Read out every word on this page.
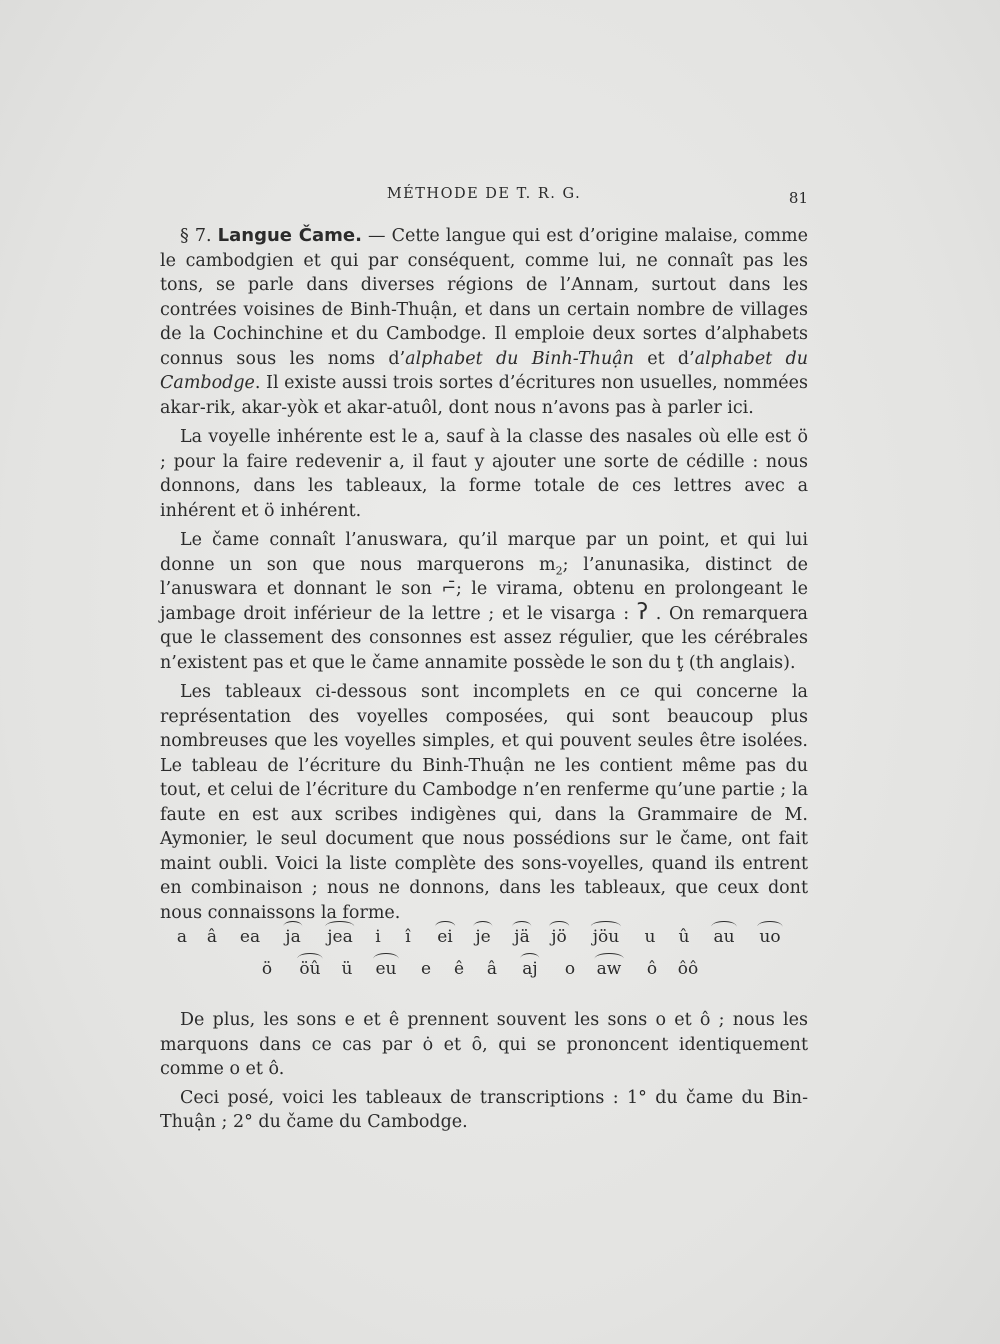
MÉTHODE DE T. R. G.	81

§ 7. Langue Čame. — Cette langue qui est d’origine malaise, comme le cambodgien et qui par conséquent, comme lui, ne connaît pas les tons, se parle dans diverses régions de l’Annam, surtout dans les contrées voisines de Binh-Thuận, et dans un certain nombre de villages de la Cochinchine et du Cambodge. Il emploie deux sortes d’alphabets connus sous les noms d’alphabet du Binh-Thuận et d’alphabet du Cambodge. Il existe aussi trois sortes d’écritures non usuelles, nommées akar-rik, akar-yòk et akar-atuôl, dont nous n’avons pas à parler ici.

La voyelle inhérente est le a, sauf à la classe des nasales où elle est ö ; pour la faire redevenir a, il faut y ajouter une sorte de cédille : nous donnons, dans les tableaux, la forme totale de ces lettres avec a inhérent et ö inhérent.

Le čame connaît l’anuswara, qu’il marque par un point, et qui lui donne un son que nous marquerons $m_2$; l’anunasika, distinct de l’anuswara et donnant le son ⌐̄; le virama, obtenu en prolongeant le jambage droit inférieur de la lettre ; et le visarga : ʔ . On remarquera que le classement des consonnes est assez régulier, que les cérébrales n’existent pas et que le čame annamite possède le son du ţ (th anglais).

Les tableaux ci-dessous sont incomplets en ce qui concerne la représentation des voyelles composées, qui sont beaucoup plus nombreuses que les voyelles simples, et qui pouvent seules être isolées. Le tableau de l’écriture du Binh-Thuận ne les contient même pas du tout, et celui de l’écriture du Cambodge n’en renferme qu’une partie ; la faute en est aux scribes indigènes qui, dans la Grammaire de M. Aymonier, le seul document que nous possédions sur le čame, ont fait maint oubli. Voici la liste complète des sons-voyelles, quand ils entrent en combinaison ; nous ne donnons, dans les tableaux, que ceux dont nous connaissons la forme.

a â ea ja jea i î ei je jä jö jöu u û au uo
ö öû ü eu e ê â aj o aw ô ôô

De plus, les sons e et ê prennent souvent les sons o et ô ; nous les marquons dans ce cas par ȯ et ȏ, qui se prononcent identiquement comme o et ô.

Ceci posé, voici les tableaux de transcriptions : 1° du čame du Bin-Thuận ; 2° du čame du Cambodge.
